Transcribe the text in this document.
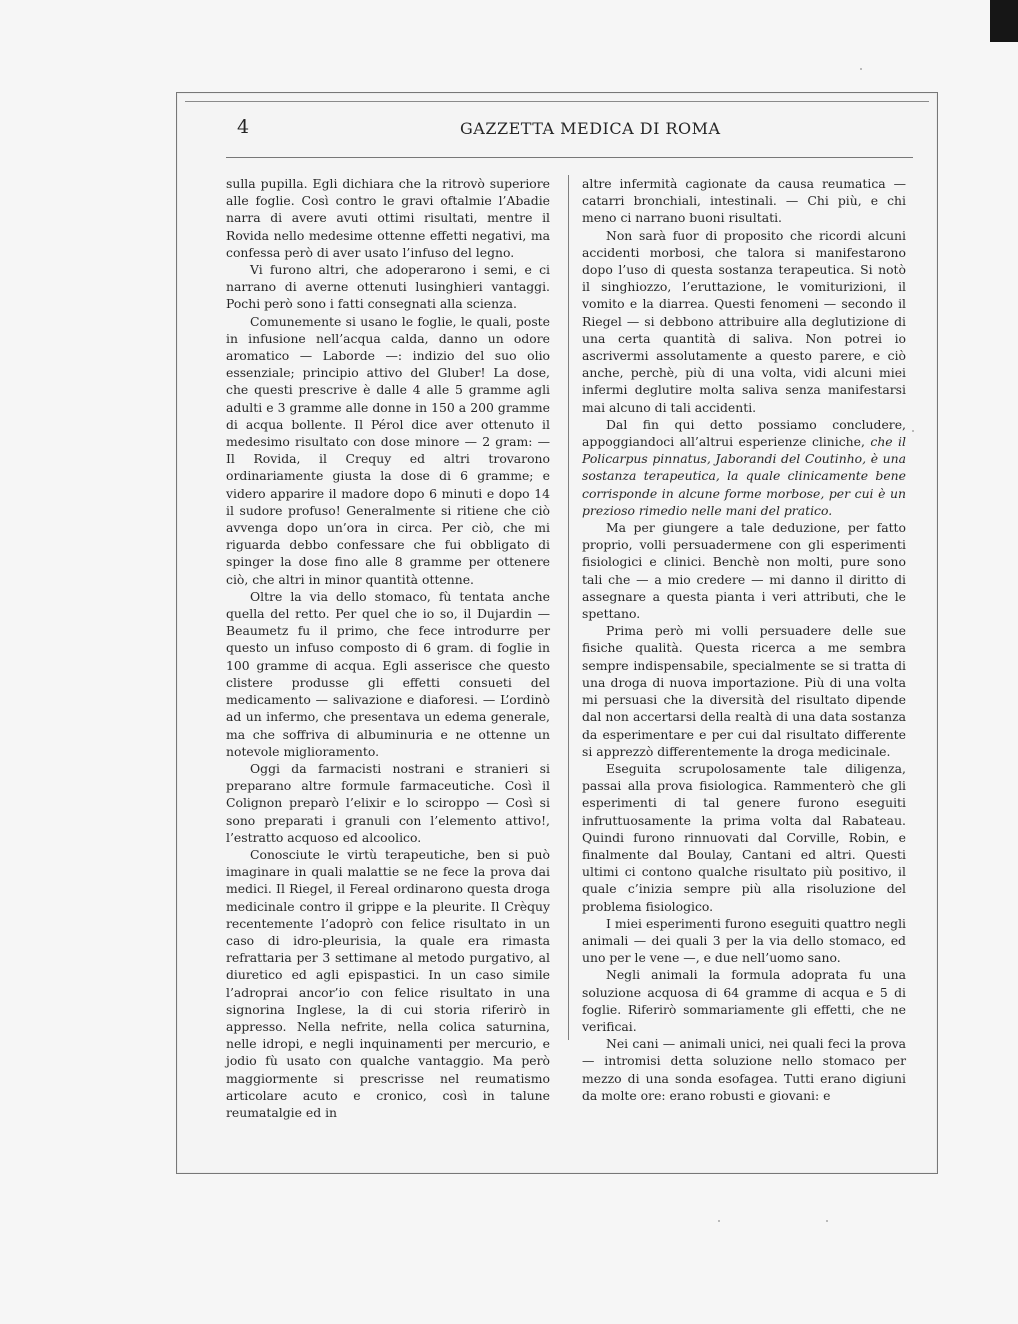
4	GAZZETTA MEDICA DI ROMA

sulla pupilla. Egli dichiara che la ritrovò superiore alle foglie. Così contro le gravi oftalmie l’Abadie narra di avere avuti ottimi risultati, mentre il Rovida nello medesime ottenne effetti negativi, ma confessa però di aver usato l’infuso del legno.

Vi furono altri, che adoperarono i semi, e ci narrano di averne ottenuti lusinghieri vantaggi. Pochi però sono i fatti consegnati alla scienza.

Comunemente si usano le foglie, le quali, poste in infusione nell’acqua calda, danno un odore aromatico — Laborde —: indizio del suo olio essenziale; principio attivo del Gluber! La dose, che questi prescrive è dalle 4 alle 5 gramme agli adulti e 3 gramme alle donne in 150 a 200 gramme di acqua bollente. Il Pérol dice aver ottenuto il medesimo risultato con dose minore — 2 gram: — Il Rovida, il Crequy ed altri trovarono ordinariamente giusta la dose di 6 gramme; e videro apparire il madore dopo 6 minuti e dopo 14 il sudore profuso! Generalmente si ritiene che ciò avvenga dopo un’ora in circa. Per ciò, che mi riguarda debbo confessare che fui obbligato di spinger la dose fino alle 8 gramme per ottenere ciò, che altri in minor quantità ottenne.

Oltre la via dello stomaco, fù tentata anche quella del retto. Per quel che io so, il Dujardin — Beaumetz fu il primo, che fece introdurre per questo un infuso composto di 6 gram. di foglie in 100 gramme di acqua. Egli asserisce che questo clistere produsse gli effetti consueti del medicamento — salivazione e diaforesi. — L’ordinò ad un infermo, che presentava un edema generale, ma che soffriva di albuminuria e ne ottenne un notevole miglioramento.

Oggi da farmacisti nostrani e stranieri si preparano altre formule farmaceutiche. Così il Colignon preparò l’elixir e lo sciroppo — Così si sono preparati i granuli con l’elemento attivo!, l’estratto acquoso ed alcoolico.

Conosciute le virtù terapeutiche, ben si può imaginare in quali malattie se ne fece la prova dai medici. Il Riegel, il Fereal ordinarono questa droga medicinale contro il grippe e la pleurite. Il Crèquy recentemente l’adoprò con felice risultato in un caso di idro-pleurisia, la quale era rimasta refrattaria per 3 settimane al metodo purgativo, al diuretico ed agli epispastici. In un caso simile l’adroprai ancor’io con felice risultato in una signorina Inglese, la di cui storia riferirò in appresso. Nella nefrite, nella colica saturnina, nelle idropi, e negli inquinamenti per mercurio, e jodio fù usato con qualche vantaggio. Ma però maggiormente si prescrisse nel reumatismo articolare acuto e cronico, così in talune reumatalgie ed in

altre infermità cagionate da causa reumatica — catarri bronchiali, intestinali. — Chi più, e chi meno ci narrano buoni risultati.

Non sarà fuor di proposito che ricordi alcuni accidenti morbosi, che talora si manifestarono dopo l’uso di questa sostanza terapeutica. Si notò il singhiozzo, l’eruttazione, le vomiturizioni, il vomito e la diarrea. Questi fenomeni — secondo il Riegel — si debbono attribuire alla deglutizione di una certa quantità di saliva. Non potrei io ascrivermi assolutamente a questo parere, e ciò anche, perchè, più di una volta, vidi alcuni miei infermi deglutire molta saliva senza manifestarsi mai alcuno di tali accidenti.

Dal fin qui detto possiamo concludere, appoggiandoci all’altrui esperienze cliniche, che il Policarpus pinnatus, Jaborandi del Coutinho, è una sostanza terapeutica, la quale clinicamente bene corrisponde in alcune forme morbose, per cui è un prezioso rimedio nelle mani del pratico.

Ma per giungere a tale deduzione, per fatto proprio, volli persuadermene con gli esperimenti fisiologici e clinici. Benchè non molti, pure sono tali che — a mio credere — mi danno il diritto di assegnare a questa pianta i veri attributi, che le spettano.

Prima però mi volli persuadere delle sue fisiche qualità. Questa ricerca a me sembra sempre indispensabile, specialmente se si tratta di una droga di nuova importazione. Più di una volta mi persuasi che la diversità del risultato dipende dal non accertarsi della realtà di una data sostanza da esperimentare e per cui dal risultato differente si apprezzò differentemente la droga medicinale.

Eseguita scrupolosamente tale diligenza, passai alla prova fisiologica. Rammenterò che gli esperimenti di tal genere furono eseguiti infruttuosamente la prima volta dal Rabateau. Quindi furono rinnuovati dal Corville, Robin, e finalmente dal Boulay, Cantani ed altri. Questi ultimi ci contono qualche risultato più positivo, il quale c’inizia sempre più alla risoluzione del problema fisiologico.

I miei esperimenti furono eseguiti quattro negli animali — dei quali 3 per la via dello stomaco, ed uno per le vene —, e due nell’uomo sano.

Negli animali la formula adoprata fu una soluzione acquosa di 64 gramme di acqua e 5 di foglie. Riferirò sommariamente gli effetti, che ne verificai.

Nei cani — animali unici, nei quali feci la prova — intromisi detta soluzione nello stomaco per mezzo di una sonda esofagea. Tutti erano digiuni da molte ore: erano robusti e giovani: e
